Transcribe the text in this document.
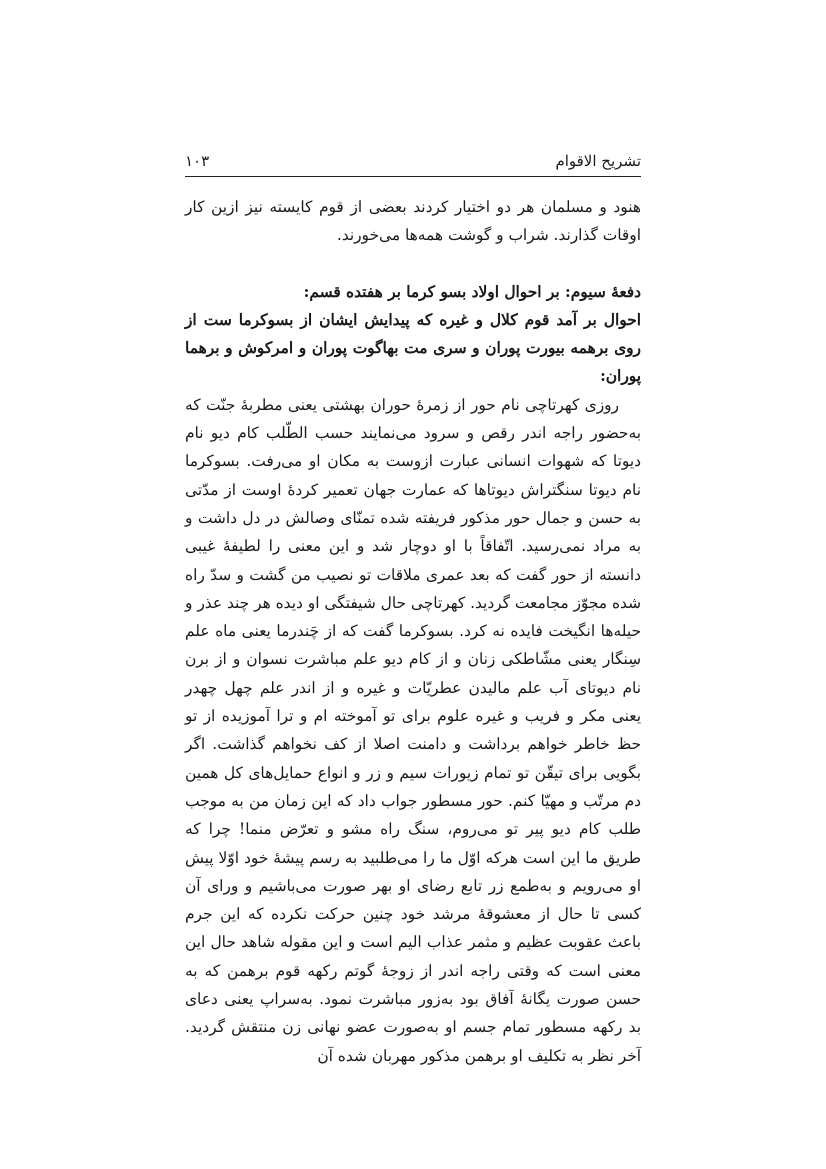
تشریح الاقوام
۱۰۳

هنود و مسلمان هر دو اختیار کردند بعضی از قوم کایسته نیز ازین کار اوقات گذارند. شراب و گوشت همه‌ها می‌خورند.

دفعهٔ سیوم: بر احوال اولاد بسو کرما بر هفتده قسم:

احوال بر آمد قوم کلال و غیره که پیدایش ایشان از بسوکرما ست از روی برهمه بیورت پوران و سری مت بهاگوت پوران و امرکوش و برهما پوران:

روزی کهرتاچی نام حور از زمرهٔ حوران بهشتی یعنی مطربهٔ جنّت که به‌حضور راجه اندر رقص و سرود می‌نمایند حسب الطّلب کام دیو نام دیوتا که شهوات انسانی عبارت ازوست به مکان او می‌رفت. بسوکرما نام دیوتا سنگتراش دیوتاها که عمارت جهان تعمیر کردهٔ اوست از مدّتی به حسن و جمال حور مذکور فریفته شده تمنّای وصالش در دل داشت و به مراد نمی‌رسید. اتّفاقاً با او دوچار شد و این معنی را لطیفهٔ غیبی دانسته از حور گفت که بعد عمری ملاقات تو نصیب من گشت و سدّ راه شده مجوّز مجامعت گردید. کهرتاچی حال شیفتگی او دیده هر چند عذر و حیله‌ها انگیخت فایده نه کرد. بسوکرما گفت که از چَندرما یعنی ماه علم سِنگار یعنی مشّاطکی زنان و از کام دیو علم مباشرت نسوان و از برن نام دیوتای آب علم مالیدن عطریّات و غیره و از اندر علم چهل چهدر یعنی مکر و فریب و غیره علوم برای تو آموخته ام و ترا آموزیده از تو حظ خاطر خواهم برداشت و دامنت اصلا از کف نخواهم گذاشت. اگر بگویی برای تیقّن تو تمام زیورات سیم و زر و انواع حمایل‌های کل همین دم مرتّب و مهیّا کنم. حور مسطور جواب داد که این زمان من به موجب طلب کام دیو پیر تو می‌روم، سنگ راه مشو و تعرّض منما! چرا که طریق ما این است هرکه اوّل ما را می‌طلبید به رسم پیشهٔ خود اوّلا پیش او می‌رویم و به‌طمع زر تابع رضای او بهر صورت می‌باشیم و ورای آن کسی تا حال از معشوقهٔ مرشد خود چنین حرکت نکرده که این جرم باعث عقوبت عظیم و مثمر عذاب الیم است و این مقوله شاهد حال این معنی است که وقتی راجه اندر از زوجهٔ گوتم رکهه قوم برهمن که به حسن صورت یگانهٔ آفاق بود به‌زور مباشرت نمود. به‌سراپ یعنی دعای بد رکهه مسطور تمام جسم او به‌صورت عضو نهانی زن منتقش گردید. آخر نظر به تکلیف او برهمن مذکور مهربان شده آن
